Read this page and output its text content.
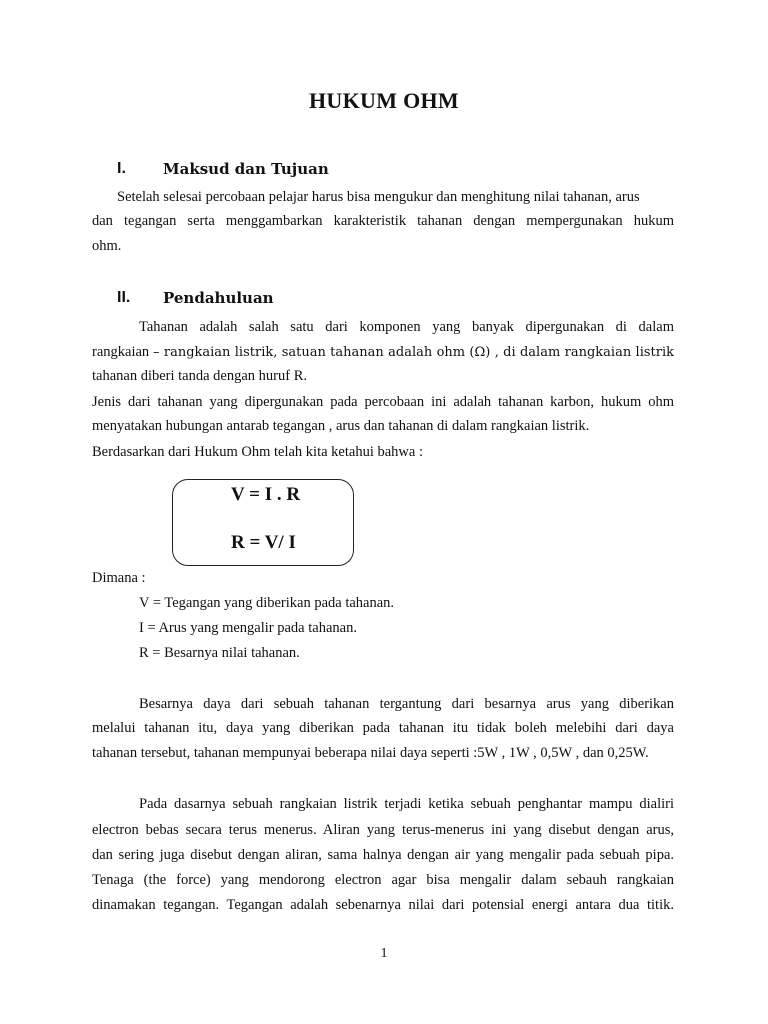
HUKUM OHM
I. Maksud dan Tujuan
Setelah selesai percobaan pelajar harus bisa mengukur dan menghitung nilai tahanan, arus
dan tegangan serta menggambarkan karakteristik tahanan dengan mempergunakan hukum
ohm.
II. Pendahuluan
Tahanan adalah salah satu dari komponen yang banyak dipergunakan di dalam
rangkaian – rangkaian listrik, satuan tahanan adalah ohm (Ω) , di dalam rangkaian listrik
tahanan diberi tanda dengan huruf R.
Jenis dari tahanan yang dipergunakan pada percobaan ini adalah tahanan karbon, hukum ohm
menyatakan hubungan antarab tegangan , arus dan tahanan di dalam rangkaian listrik.
Berdasarkan dari Hukum Ohm telah kita ketahui bahwa :
V = I . R
R = V/ I
Dimana :
V = Tegangan yang diberikan pada tahanan.
I = Arus yang mengalir pada tahanan.
R = Besarnya nilai tahanan.
Besarnya daya dari sebuah tahanan tergantung dari besarnya arus yang diberikan
melalui tahanan itu, daya yang diberikan pada tahanan itu tidak boleh melebihi dari daya
tahanan tersebut, tahanan mempunyai beberapa nilai daya seperti :5W , 1W , 0,5W , dan 0,25W.
Pada dasarnya sebuah rangkaian listrik terjadi ketika sebuah penghantar mampu dialiri
electron bebas secara terus menerus. Aliran yang terus-menerus ini yang disebut dengan arus,
dan sering juga disebut dengan aliran, sama halnya dengan air yang mengalir pada sebuah pipa.
Tenaga (the force) yang mendorong electron agar bisa mengalir dalam sebauh rangkaian
dinamakan tegangan. Tegangan adalah sebenarnya nilai dari potensial energi antara dua titik.
1
